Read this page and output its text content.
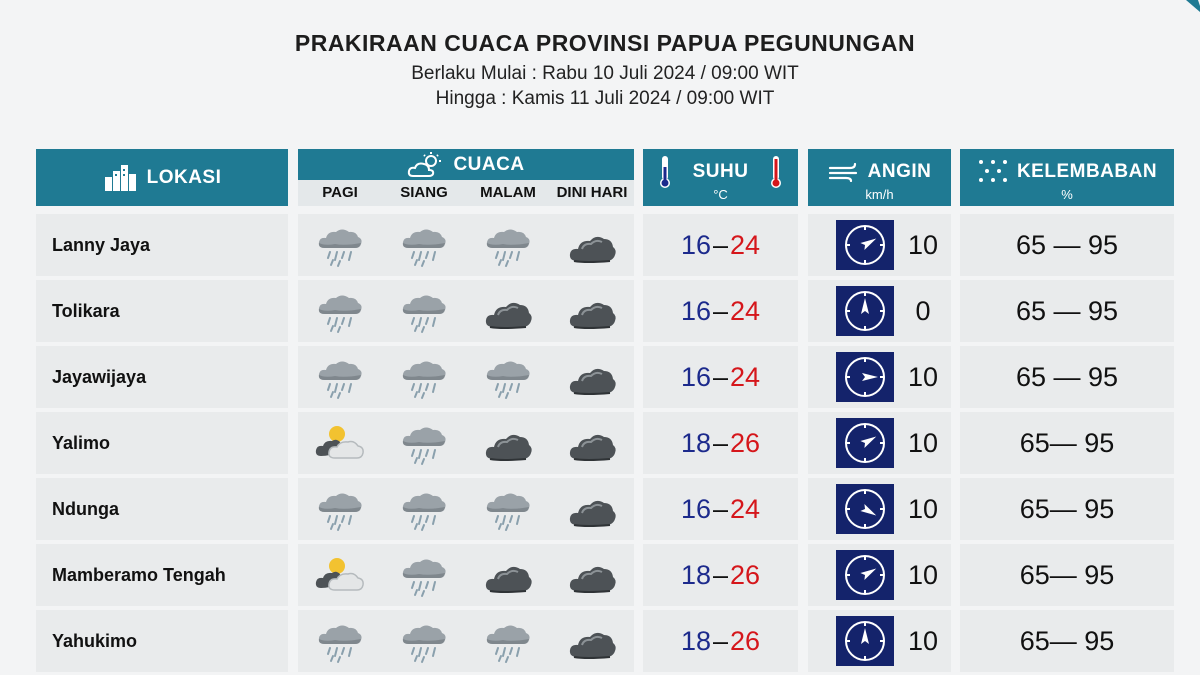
PRAKIRAAN CUACA PROVINSI PAPUA PEGUNUNGAN
Berlaku Mulai : Rabu 10 Juli 2024 / 09:00 WIT
Hingga : Kamis 11 Juli 2024 / 09:00 WIT
LOKASI
CUACA
PAGI	SIANG	MALAM	DINI HARI
SUHU
°C
ANGIN
km/h
KELEMBABAN
%
Lanny Jaya	16–24	10	65 — 95
Tolikara	16–24	0	65 — 95
Jayawijaya	16–24	10	65 — 95
Yalimo	18–26	10	65— 95
Ndunga	16–24	10	65— 95
Mamberamo Tengah	18–26	10	65— 95
Yahukimo	18–26	10	65— 95
